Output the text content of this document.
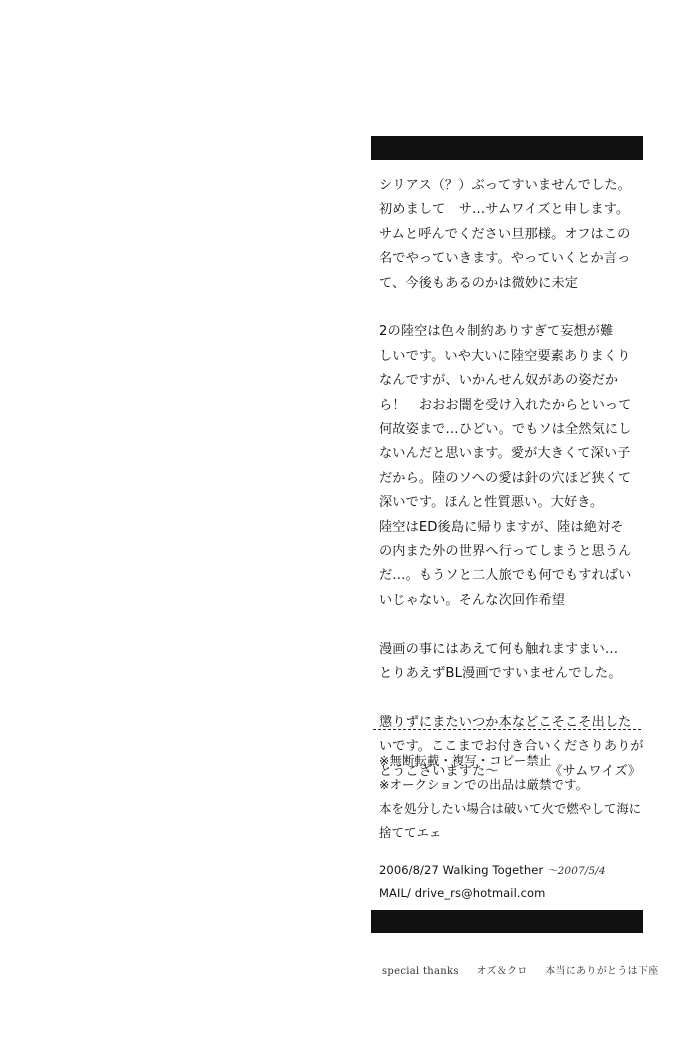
シリアス（？）ぶってすいませんでした。
初めまして　サ…サムワイズと申します。
サムと呼んでください旦那様。オフはこの
名でやっていきます。やっていくとか言っ
て、今後もあるのかは微妙に未定
2の陸空は色々制約ありすぎて妄想が難
しいです。いや大いに陸空要素ありまくり
なんですが、いかんせん奴があの姿だか
ら！　おおお闇を受け入れたからといって
何故姿まで…ひどい。でもソは全然気にし
ないんだと思います。愛が大きくて深い子
だから。陸のソへの愛は針の穴ほど狭くて
深いです。ほんと性質悪い。大好き。
陸空はED後島に帰りますが、陸は絶対そ
の内また外の世界へ行ってしまうと思うん
だ…。もうソと二人旅でも何でもすればい
いじゃない。そんな次回作希望
漫画の事にはあえて何も触れますまい…
とりあえずBL漫画ですいませんでした。
懲りずにまたいつか本などこそこそ出した
いです。ここまでお付き合いくださりありが
とうございますた～	《サムワイズ》
※無断転載・複写・コピー禁止
※オークションでの出品は厳禁です。
本を処分したい場合は破いて火で燃やして海に
捨ててエェ
2006/8/27 Walking Together ～2007/5/4
MAIL/ drive_rs@hotmail.com
special thanks オズ＆クロ 本当にありがとうは下座
